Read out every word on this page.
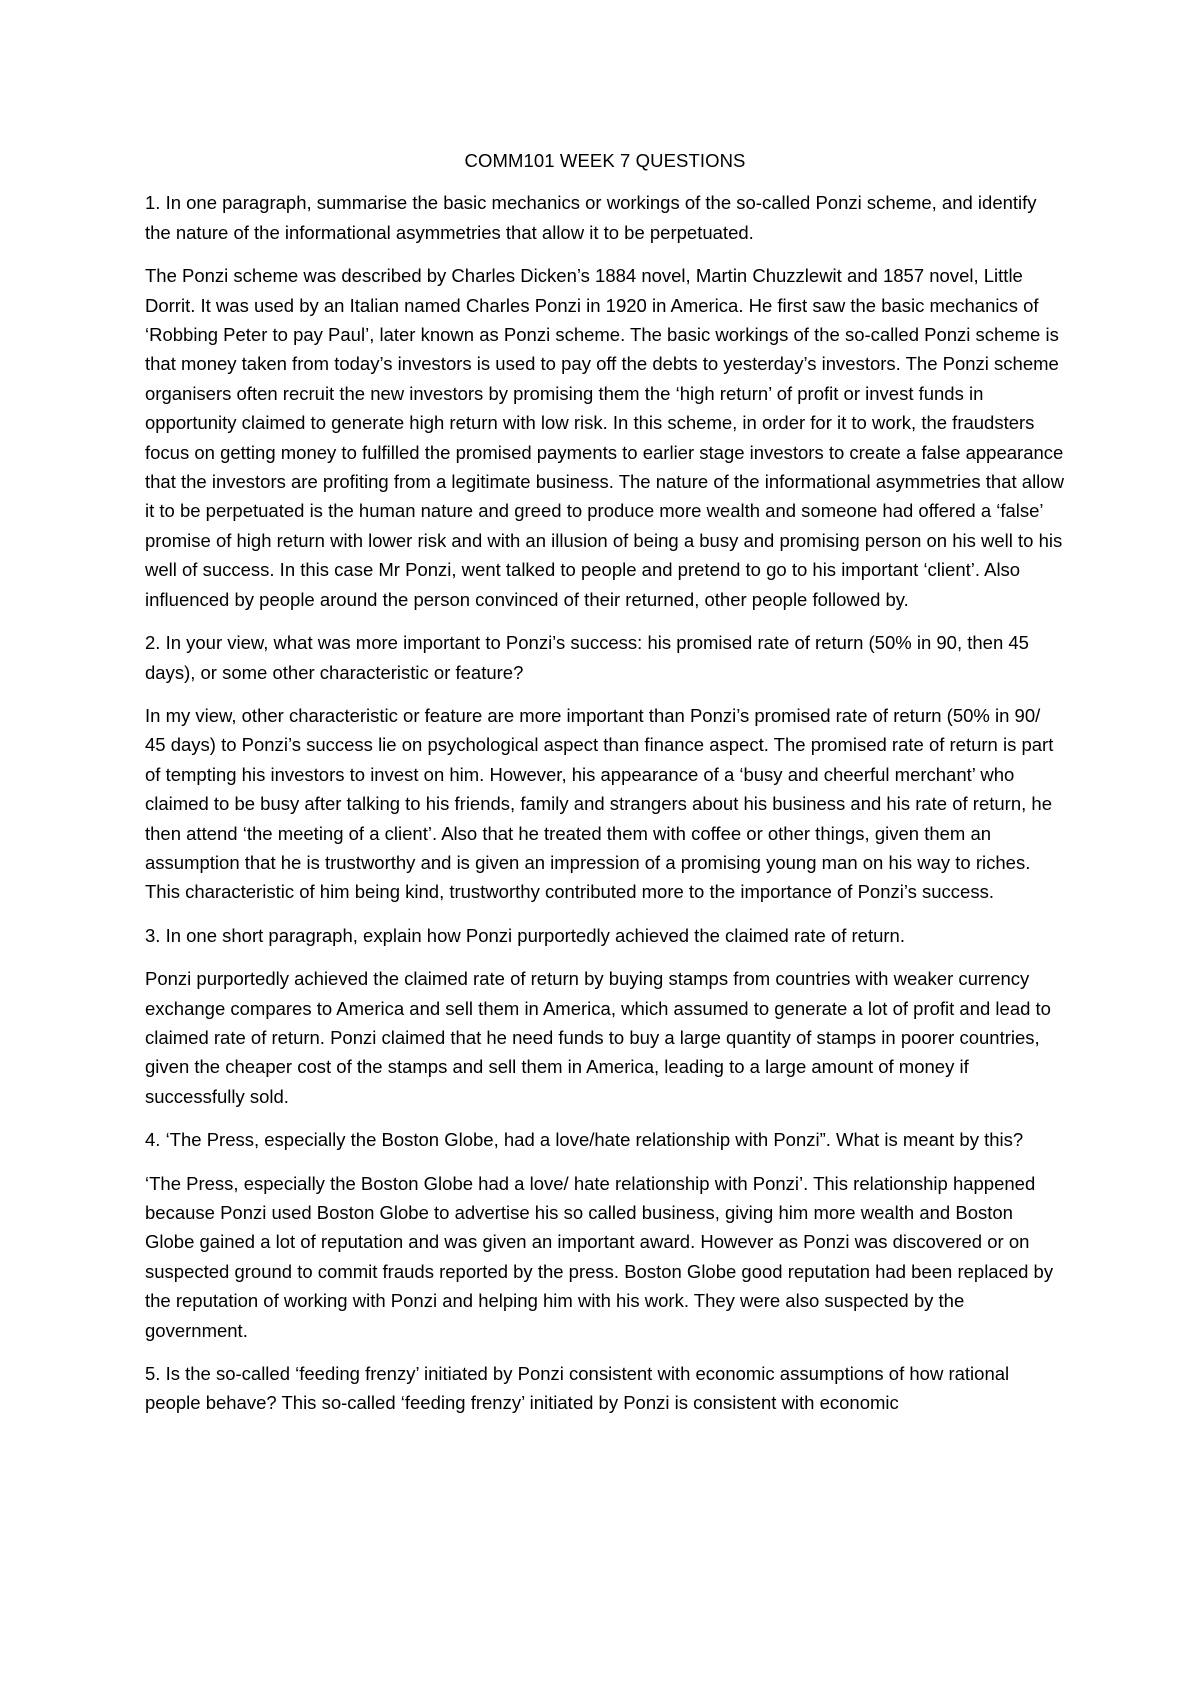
COMM101 WEEK 7 QUESTIONS

1. In one paragraph, summarise the basic mechanics or workings of the so-called Ponzi scheme, and identify the nature of the informational asymmetries that allow it to be perpetuated.

The Ponzi scheme was described by Charles Dicken’s 1884 novel, Martin Chuzzlewit and 1857 novel, Little Dorrit. It was used by an Italian named Charles Ponzi in 1920 in America. He first saw the basic mechanics of ‘Robbing Peter to pay Paul’, later known as Ponzi scheme. The basic workings of the so-called Ponzi scheme is that money taken from today’s investors is used to pay off the debts to yesterday’s investors. The Ponzi scheme organisers often recruit the new investors by promising them the ‘high return’ of profit or invest funds in opportunity claimed to generate high return with low risk. In this scheme, in order for it to work, the fraudsters focus on getting money to fulfilled the promised payments to earlier stage investors to create a false appearance that the investors are profiting from a legitimate business. The nature of the informational asymmetries that allow it to be perpetuated is the human nature and greed to produce more wealth and someone had offered a ‘false’ promise of high return with lower risk and with an illusion of being a busy and promising person on his well to his well of success. In this case Mr Ponzi, went talked to people and pretend to go to his important ‘client’. Also influenced by people around the person convinced of their returned, other people followed by.

2. In your view, what was more important to Ponzi’s success: his promised rate of return (50% in 90, then 45 days), or some other characteristic or feature?

In my view, other characteristic or feature are more important than Ponzi’s promised rate of return (50% in 90/ 45 days) to Ponzi’s success lie on psychological aspect than finance aspect. The promised rate of return is part of tempting his investors to invest on him. However, his appearance of a ‘busy and cheerful merchant’ who claimed to be busy after talking to his friends, family and strangers about his business and his rate of return, he then attend ‘the meeting of a client’. Also that he treated them with coffee or other things, given them an assumption that he is trustworthy and is given an impression of a promising young man on his way to riches. This characteristic of him being kind, trustworthy contributed more to the importance of Ponzi’s success.

3. In one short paragraph, explain how Ponzi purportedly achieved the claimed rate of return.

Ponzi purportedly achieved the claimed rate of return by buying stamps from countries with weaker currency exchange compares to America and sell them in America, which assumed to generate a lot of profit and lead to claimed rate of return. Ponzi claimed that he need funds to buy a large quantity of stamps in poorer countries, given the cheaper cost of the stamps and sell them in America, leading to a large amount of money if successfully sold.

4. ‘The Press, especially the Boston Globe, had a love/hate relationship with Ponzi”. What is meant by this?

‘The Press, especially the Boston Globe had a love/ hate relationship with Ponzi’. This relationship happened because Ponzi used Boston Globe to advertise his so called business, giving him more wealth and Boston Globe gained a lot of reputation and was given an important award. However as Ponzi was discovered or on suspected ground to commit frauds reported by the press. Boston Globe good reputation had been replaced by the reputation of working with Ponzi and helping him with his work. They were also suspected by the government.

5. Is the so-called ‘feeding frenzy’ initiated by Ponzi consistent with economic assumptions of how rational people behave? This so-called ‘feeding frenzy’ initiated by Ponzi is consistent with economic
